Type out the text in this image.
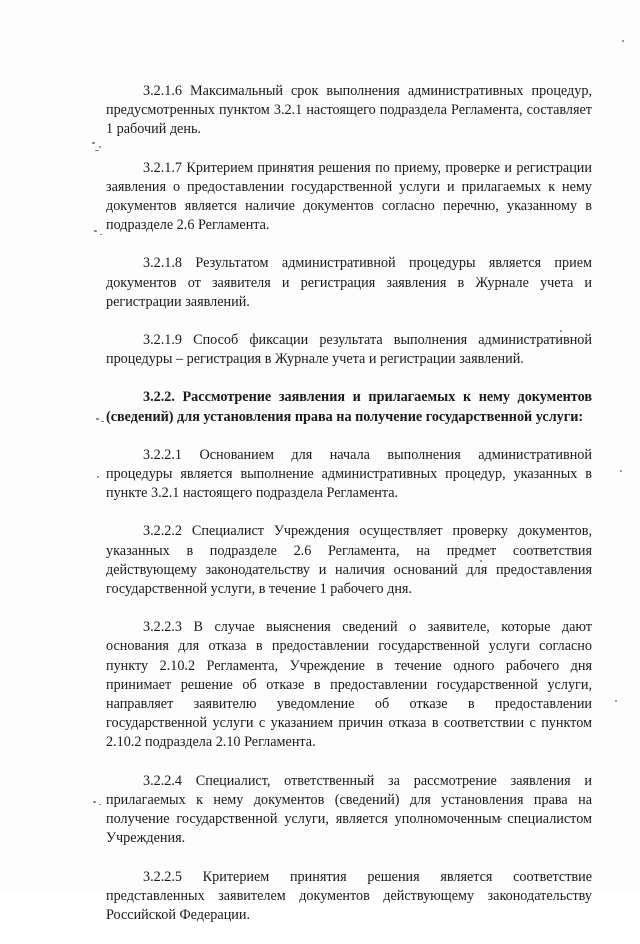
3.2.1.6 Максимальный срок выполнения административных процедур, предусмотренных пунктом 3.2.1 настоящего подраздела Регламента, составляет 1 рабочий день.

3.2.1.7 Критерием принятия решения по приему, проверке и регистрации заявления о предоставлении государственной услуги и прилагаемых к нему документов является наличие документов согласно перечню, указанному в подразделе 2.6 Регламента.

3.2.1.8 Результатом административной процедуры является прием документов от заявителя и регистрация заявления в Журнале учета и регистрации заявлений.

3.2.1.9 Способ фиксации результата выполнения административной процедуры – регистрация в Журнале учета и регистрации заявлений.

3.2.2. Рассмотрение заявления и прилагаемых к нему документов (сведений) для установления права на получение государственной услуги:

3.2.2.1 Основанием для начала выполнения административной процедуры является выполнение административных процедур, указанных в пункте 3.2.1 настоящего подраздела Регламента.

3.2.2.2 Специалист Учреждения осуществляет проверку документов, указанных в подразделе 2.6 Регламента, на предмет соответствия действующему законодательству и наличия оснований для предоставления государственной услуги, в течение 1 рабочего дня.

3.2.2.3 В случае выяснения сведений о заявителе, которые дают основания для отказа в предоставлении государственной услуги согласно пункту 2.10.2 Регламента, Учреждение в течение одного рабочего дня принимает решение об отказе в предоставлении государственной услуги, направляет заявителю уведомление об отказе в предоставлении государственной услуги с указанием причин отказа в соответствии с пунктом 2.10.2 подраздела 2.10 Регламента.

3.2.2.4 Специалист, ответственный за рассмотрение заявления и прилагаемых к нему документов (сведений) для установления права на получение государственной услуги, является уполномоченным специалистом Учреждения.

3.2.2.5 Критерием принятия решения является соответствие представленных заявителем документов действующему законодательству Российской Федерации.
